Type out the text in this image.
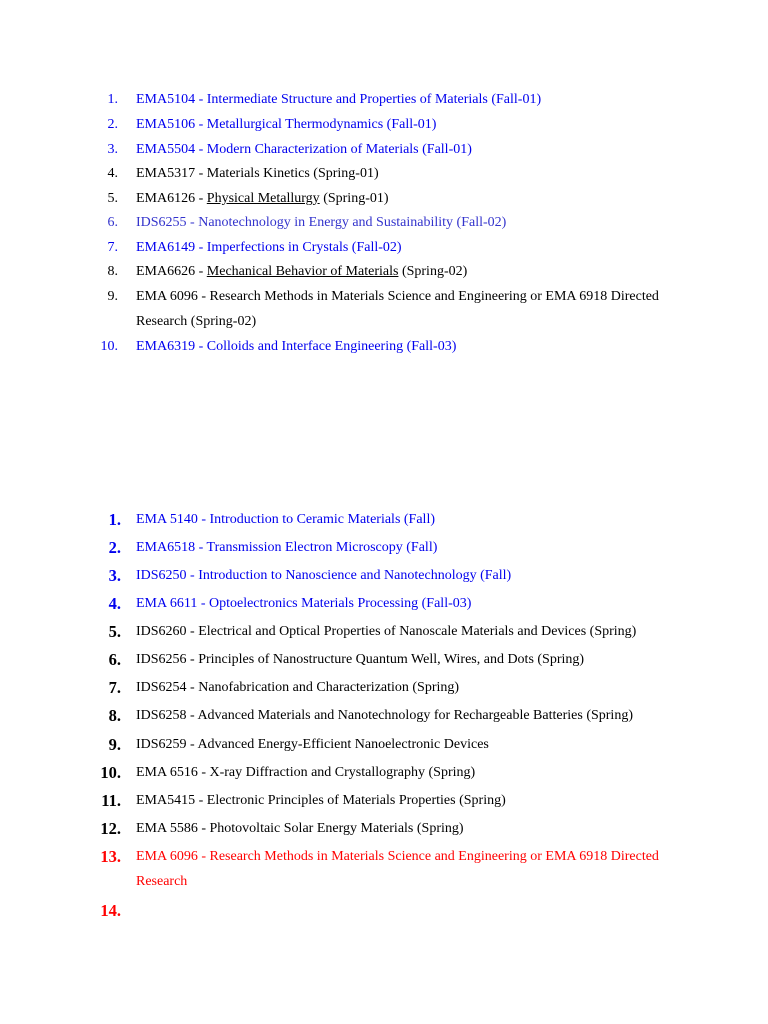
1. EMA5104 - Intermediate Structure and Properties of Materials (Fall-01)
2. EMA5106 - Metallurgical Thermodynamics (Fall-01)
3. EMA5504 - Modern Characterization of Materials (Fall-01)
4. EMA5317 - Materials Kinetics (Spring-01)
5. EMA6126 - Physical Metallurgy (Spring-01)
6. IDS6255 - Nanotechnology in Energy and Sustainability (Fall-02)
7. EMA6149 - Imperfections in Crystals (Fall-02)
8. EMA6626 - Mechanical Behavior of Materials (Spring-02)
9. EMA 6096 - Research Methods in Materials Science and Engineering or EMA 6918 Directed Research (Spring-02)
10. EMA6319 - Colloids and Interface Engineering (Fall-03)
1. EMA 5140 - Introduction to Ceramic Materials (Fall)
2. EMA6518 - Transmission Electron Microscopy (Fall)
3. IDS6250 - Introduction to Nanoscience and Nanotechnology (Fall)
4. EMA 6611 - Optoelectronics Materials Processing (Fall-03)
5. IDS6260 - Electrical and Optical Properties of Nanoscale Materials and Devices (Spring)
6. IDS6256 - Principles of Nanostructure Quantum Well, Wires, and Dots (Spring)
7. IDS6254 - Nanofabrication and Characterization (Spring)
8. IDS6258 - Advanced Materials and Nanotechnology for Rechargeable Batteries (Spring)
9. IDS6259 - Advanced Energy-Efficient Nanoelectronic Devices
10. EMA 6516 - X-ray Diffraction and Crystallography (Spring)
11. EMA5415 - Electronic Principles of Materials Properties (Spring)
12. EMA 5586 - Photovoltaic Solar Energy Materials (Spring)
13. EMA 6096 - Research Methods in Materials Science and Engineering or EMA 6918 Directed Research
14.
